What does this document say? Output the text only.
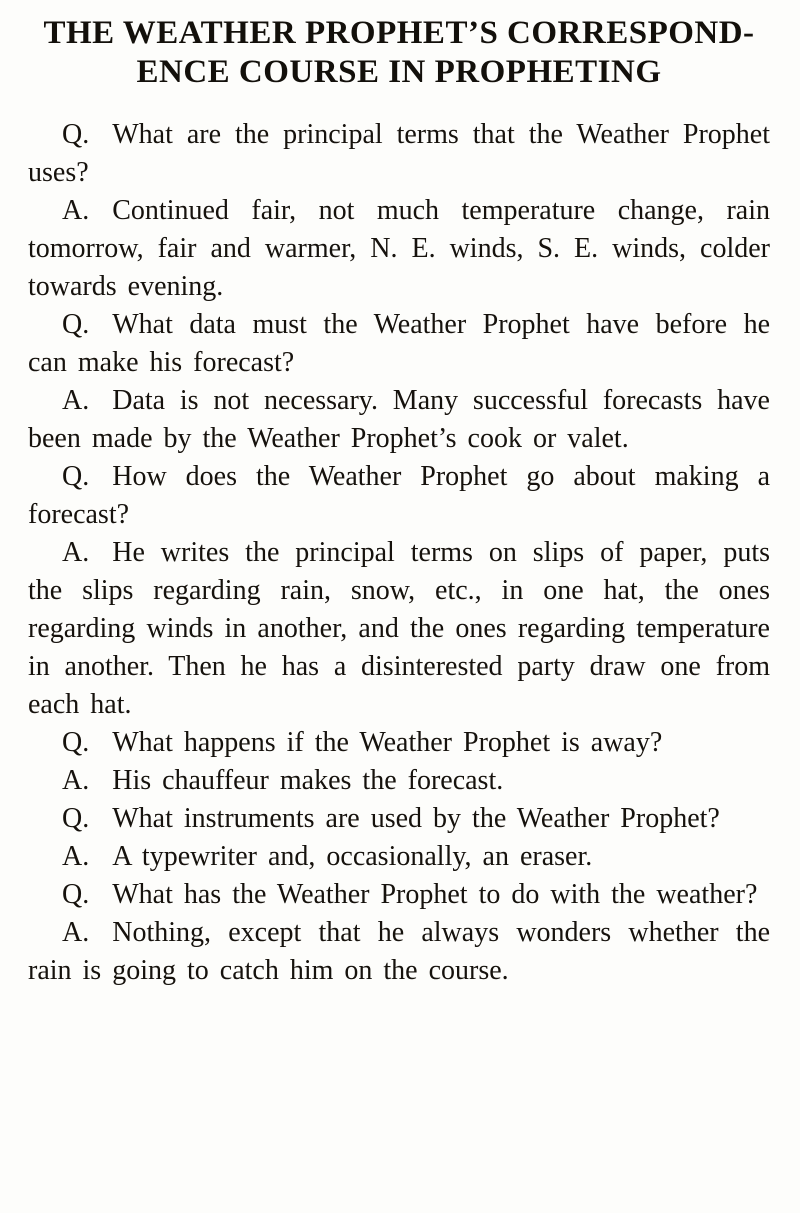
THE WEATHER PROPHET’S CORRESPOND-
ENCE COURSE IN PROPHETING

Q. What are the principal terms that the Weather Prophet uses?

A. Continued fair, not much temperature change, rain tomorrow, fair and warmer, N. E. winds, S. E. winds, colder towards evening.

Q. What data must the Weather Prophet have before he can make his forecast?

A. Data is not necessary. Many successful forecasts have been made by the Weather Prophet’s cook or valet.

Q. How does the Weather Prophet go about making a forecast?

A. He writes the principal terms on slips of paper, puts the slips regarding rain, snow, etc., in one hat, the ones regarding winds in another, and the ones regarding temperature in another. Then he has a disinterested party draw one from each hat.

Q. What happens if the Weather Prophet is away?

A. His chauffeur makes the forecast.

Q. What instruments are used by the Weather Prophet?

A. A typewriter and, occasionally, an eraser.

Q. What has the Weather Prophet to do with the weather?

A. Nothing, except that he always wonders whether the rain is going to catch him on the course.
